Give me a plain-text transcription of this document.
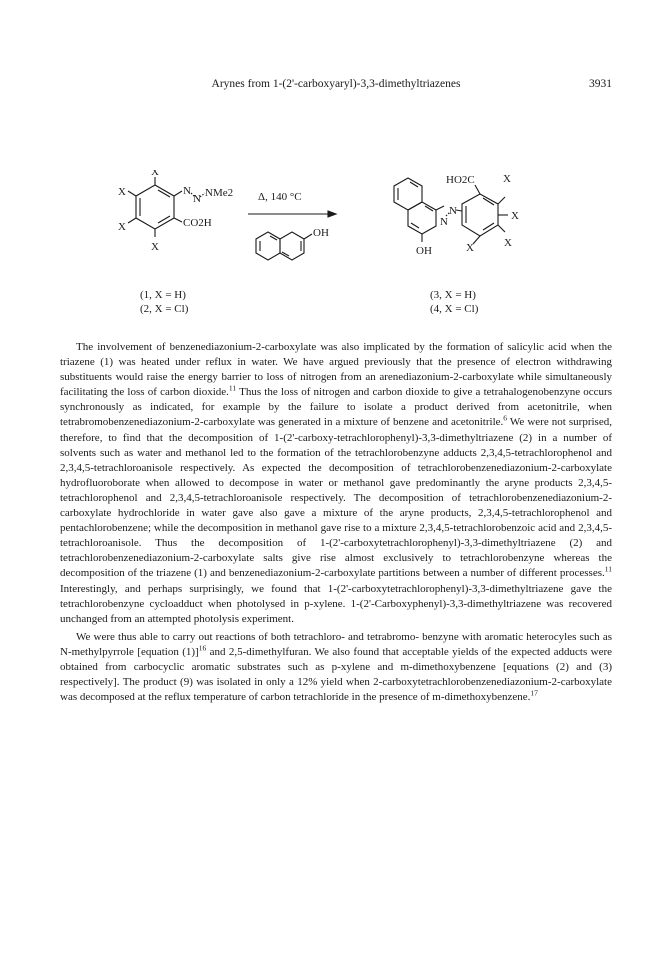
Arynes from 1-(2'-carboxyaryl)-3,3-dimethyltriazenes	3931
X
X
X
X
N
N NMe2
CO2H
Δ, 140 °C
OH
OH
N
N
HO2C	X
X
X
X
(1, X = H)
(2, X = Cl)
(3, X = H)
(4, X = Cl)

The involvement of benzenediazonium-2-carboxylate was also implicated by the formation of salicylic acid when the triazene (1) was heated under reflux in water. We have argued previously that the presence of electron withdrawing substituents would raise the energy barrier to loss of nitrogen from an arenediazonium-2-carboxylate while simultaneously facilitating the loss of carbon dioxide.$^{11}$ Thus the loss of nitrogen and carbon dioxide to give a tetrahalogenobenzyne occurs synchronously as indicated, for example by the failure to isolate a product derived from acetonitrile, when tetrabromobenzenediazonium-2-carboxylate was generated in a mixture of benzene and acetonitrile.$^6$ We were not surprised, therefore, to find that the decomposition of 1-(2'-carboxy-tetrachlorophenyl)-3,3-dimethyltriazene (2) in a number of solvents such as water and methanol led to the formation of the tetrachlorobenzyne adducts 2,3,4,5-tetrachlorophenol and 2,3,4,5-tetrachloroanisole respectively. As expected the decomposition of tetrachlorobenzenediazonium-2-carboxylate hydrofluoroborate when allowed to decompose in water or methanol gave predominantly the aryne products 2,3,4,5-tetrachlorophenol and 2,3,4,5-tetrachloroanisole respectively. The decomposition of tetrachlorobenzenediazonium-2-carboxylate hydrochloride in water gave also gave a mixture of the aryne products, 2,3,4,5-tetrachlorophenol and pentachlorobenzene; while the decomposition in methanol gave rise to a mixture 2,3,4,5-tetrachlorobenzoic acid and 2,3,4,5-tetrachloroanisole. Thus the decomposition of 1-(2'-carboxytetrachlorophenyl)-3,3-dimethyltriazene (2) and tetrachlorobenzenediazonium-2-carboxylate salts give rise almost exclusively to tetrachlorobenzyne whereas the decomposition of the triazene (1) and benzenediazonium-2-carboxylate partitions between a number of different processes.$^{11}$ Interestingly, and perhaps surprisingly, we found that 1-(2'-carboxytetrachlorophenyl)-3,3-dimethyltriazene gave the tetrachlorobenzyne cycloadduct when photolysed in p-xylene. 1-(2'-Carboxyphenyl)-3,3-dimethyltriazene was recovered unchanged from an attempted photolysis experiment.

We were thus able to carry out reactions of both tetrachloro- and tetrabromo- benzyne with aromatic heterocyles such as N-methylpyrrole [equation (1)]$^{16}$ and 2,5-dimethylfuran. We also found that acceptable yields of the expected adducts were obtained from carbocyclic aromatic substrates such as p-xylene and m-dimethoxybenzene [equations (2) and (3) respectively]. The product (9) was isolated in only a 12% yield when 2-carboxytetrachlorobenzenediazonium-2-carboxylate was decomposed at the reflux temperature of carbon tetrachloride in the presence of m-dimethoxybenzene.$^{17}$
